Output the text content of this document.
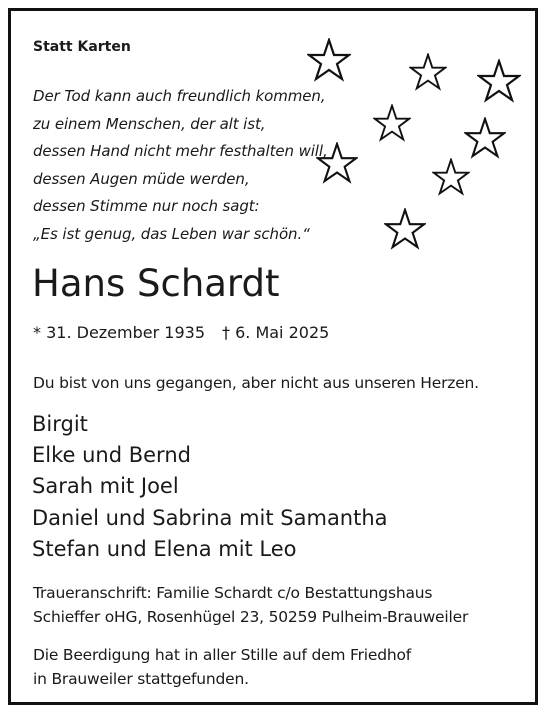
Statt Karten
Der Tod kann auch freundlich kommen,
zu einem Menschen, der alt ist,
dessen Hand nicht mehr festhalten will,
dessen Augen müde werden,
dessen Stimme nur noch sagt:
„Es ist genug, das Leben war schön.“
Hans Schardt
* 31. Dezember 1935 † 6. Mai 2025
Du bist von uns gegangen, aber nicht aus unseren Herzen.
Birgit
Elke und Bernd
Sarah mit Joel
Daniel und Sabrina mit Samantha
Stefan und Elena mit Leo
Traueranschrift: Familie Schardt c/o Bestattungshaus
Schieffer oHG, Rosenhügel 23, 50259 Pulheim-Brauweiler
Die Beerdigung hat in aller Stille auf dem Friedhof
in Brauweiler stattgefunden.
